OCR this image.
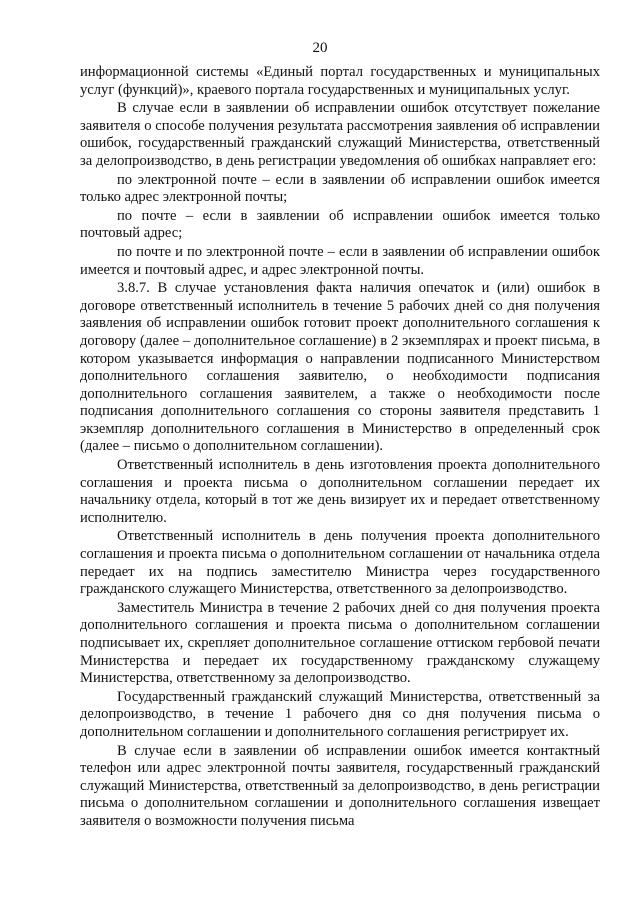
20

информационной системы «Единый портал государственных и муниципальных услуг (функций)», краевого портала государственных и муниципальных услуг.

В случае если в заявлении об исправлении ошибок отсутствует пожелание заявителя о способе получения результата рассмотрения заявления об исправлении ошибок, государственный гражданский служащий Министерства, ответственный за делопроизводство, в день регистрации уведомления об ошибках направляет его:

по электронной почте – если в заявлении об исправлении ошибок имеется только адрес электронной почты;

по почте – если в заявлении об исправлении ошибок имеется только почтовый адрес;

по почте и по электронной почте – если в заявлении об исправлении ошибок имеется и почтовый адрес, и адрес электронной почты.

3.8.7. В случае установления факта наличия опечаток и (или) ошибок в договоре ответственный исполнитель в течение 5 рабочих дней со дня получения заявления об исправлении ошибок готовит проект дополнительного соглашения к договору (далее – дополнительное соглашение) в 2 экземплярах и проект письма, в котором указывается информация о направлении подписанного Министерством дополнительного соглашения заявителю, о необходимости подписания дополнительного соглашения заявителем, а также о необходимости после подписания дополнительного соглашения со стороны заявителя представить 1 экземпляр дополнительного соглашения в Министерство в определенный срок (далее – письмо о дополнительном соглашении).

Ответственный исполнитель в день изготовления проекта дополнительного соглашения и проекта письма о дополнительном соглашении передает их начальнику отдела, который в тот же день визирует их и передает ответственному исполнителю.

Ответственный исполнитель в день получения проекта дополнительного соглашения и проекта письма о дополнительном соглашении от начальника отдела передает их на подпись заместителю Министра через государственного гражданского служащего Министерства, ответственного за делопроизводство.

Заместитель Министра в течение 2 рабочих дней со дня получения проекта дополнительного соглашения и проекта письма о дополнительном соглашении подписывает их, скрепляет дополнительное соглашение оттиском гербовой печати Министерства и передает их государственному гражданскому служащему Министерства, ответственному за делопроизводство.

Государственный гражданский служащий Министерства, ответственный за делопроизводство, в течение 1 рабочего дня со дня получения письма о дополнительном соглашении и дополнительного соглашения регистрирует их.

В случае если в заявлении об исправлении ошибок имеется контактный телефон или адрес электронной почты заявителя, государственный гражданский служащий Министерства, ответственный за делопроизводство, в день регистрации письма о дополнительном соглашении и дополнительного соглашения извещает заявителя о возможности получения письма
